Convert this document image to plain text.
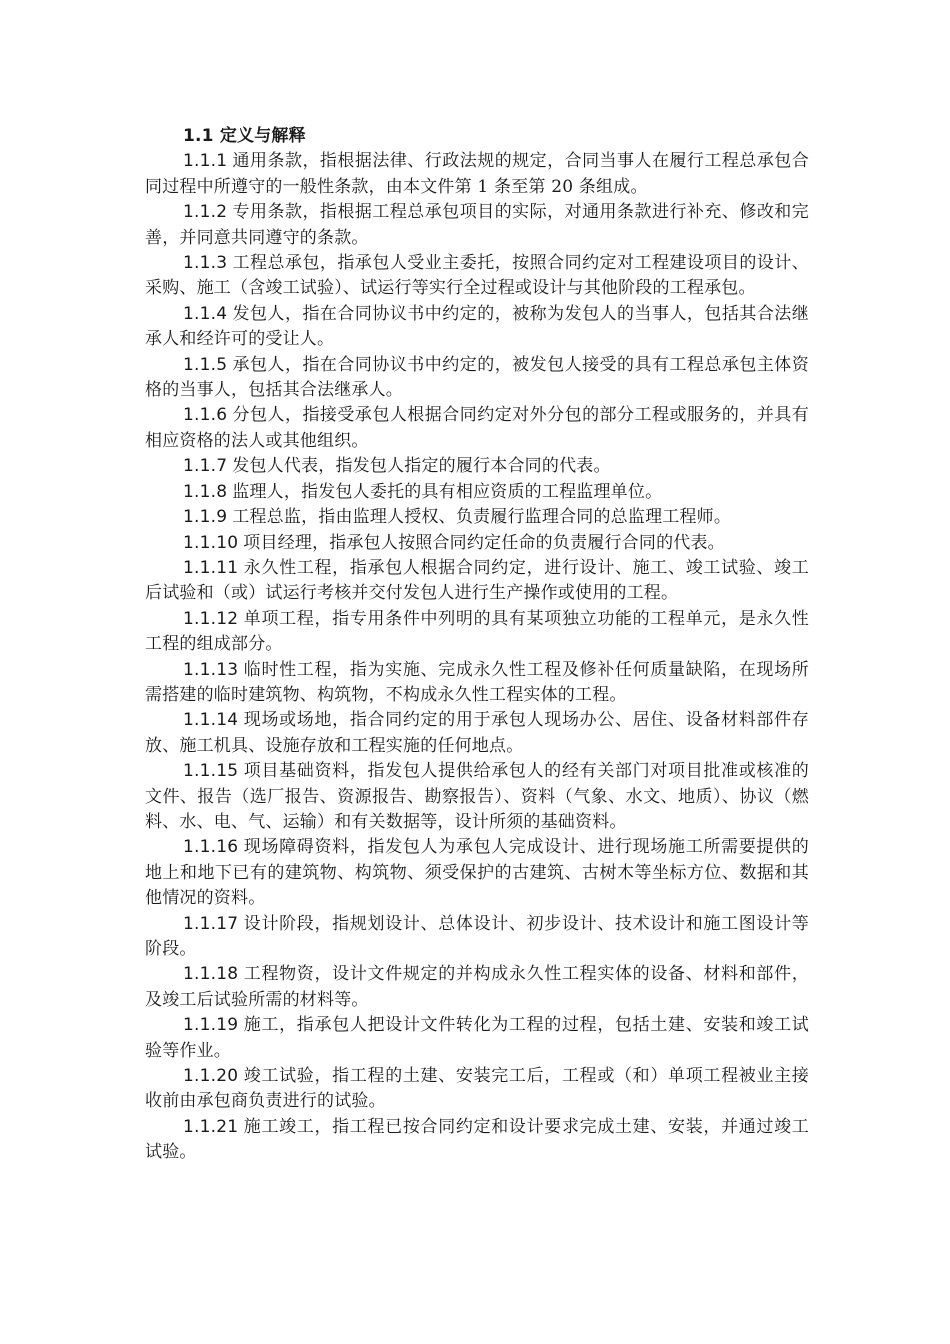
1.1 定义与解释

1.1.1 通用条款，指根据法律、行政法规的规定，合同当事人在履行工程总承包合同过程中所遵守的一般性条款，由本文件第 1 条至第 20 条组成。

1.1.2 专用条款，指根据工程总承包项目的实际，对通用条款进行补充、修改和完善，并同意共同遵守的条款。

1.1.3 工程总承包，指承包人受业主委托，按照合同约定对工程建设项目的设计、采购、施工（含竣工试验）、试运行等实行全过程或设计与其他阶段的工程承包。

1.1.4 发包人，指在合同协议书中约定的，被称为发包人的当事人，包括其合法继承人和经许可的受让人。

1.1.5 承包人，指在合同协议书中约定的，被发包人接受的具有工程总承包主体资格的当事人，包括其合法继承人。

1.1.6 分包人，指接受承包人根据合同约定对外分包的部分工程或服务的，并具有相应资格的法人或其他组织。

1.1.7 发包人代表，指发包人指定的履行本合同的代表。

1.1.8 监理人，指发包人委托的具有相应资质的工程监理单位。

1.1.9 工程总监，指由监理人授权、负责履行监理合同的总监理工程师。

1.1.10 项目经理，指承包人按照合同约定任命的负责履行合同的代表。

1.1.11 永久性工程，指承包人根据合同约定，进行设计、施工、竣工试验、竣工后试验和（或）试运行考核并交付发包人进行生产操作或使用的工程。

1.1.12 单项工程，指专用条件中列明的具有某项独立功能的工程单元，是永久性工程的组成部分。

1.1.13 临时性工程，指为实施、完成永久性工程及修补任何质量缺陷，在现场所需搭建的临时建筑物、构筑物，不构成永久性工程实体的工程。

1.1.14 现场或场地，指合同约定的用于承包人现场办公、居住、设备材料部件存放、施工机具、设施存放和工程实施的任何地点。

1.1.15 项目基础资料，指发包人提供给承包人的经有关部门对项目批准或核准的文件、报告（选厂报告、资源报告、勘察报告）、资料（气象、水文、地质）、协议（燃料、水、电、气、运输）和有关数据等，设计所须的基础资料。

1.1.16 现场障碍资料，指发包人为承包人完成设计、进行现场施工所需要提供的地上和地下已有的建筑物、构筑物、须受保护的古建筑、古树木等坐标方位、数据和其他情况的资料。

1.1.17 设计阶段，指规划设计、总体设计、初步设计、技术设计和施工图设计等阶段。

1.1.18 工程物资，设计文件规定的并构成永久性工程实体的设备、材料和部件，及竣工后试验所需的材料等。

1.1.19 施工，指承包人把设计文件转化为工程的过程，包括土建、安装和竣工试验等作业。

1.1.20 竣工试验，指工程的土建、安装完工后，工程或（和）单项工程被业主接收前由承包商负责进行的试验。

1.1.21 施工竣工，指工程已按合同约定和设计要求完成土建、安装，并通过竣工试验。
